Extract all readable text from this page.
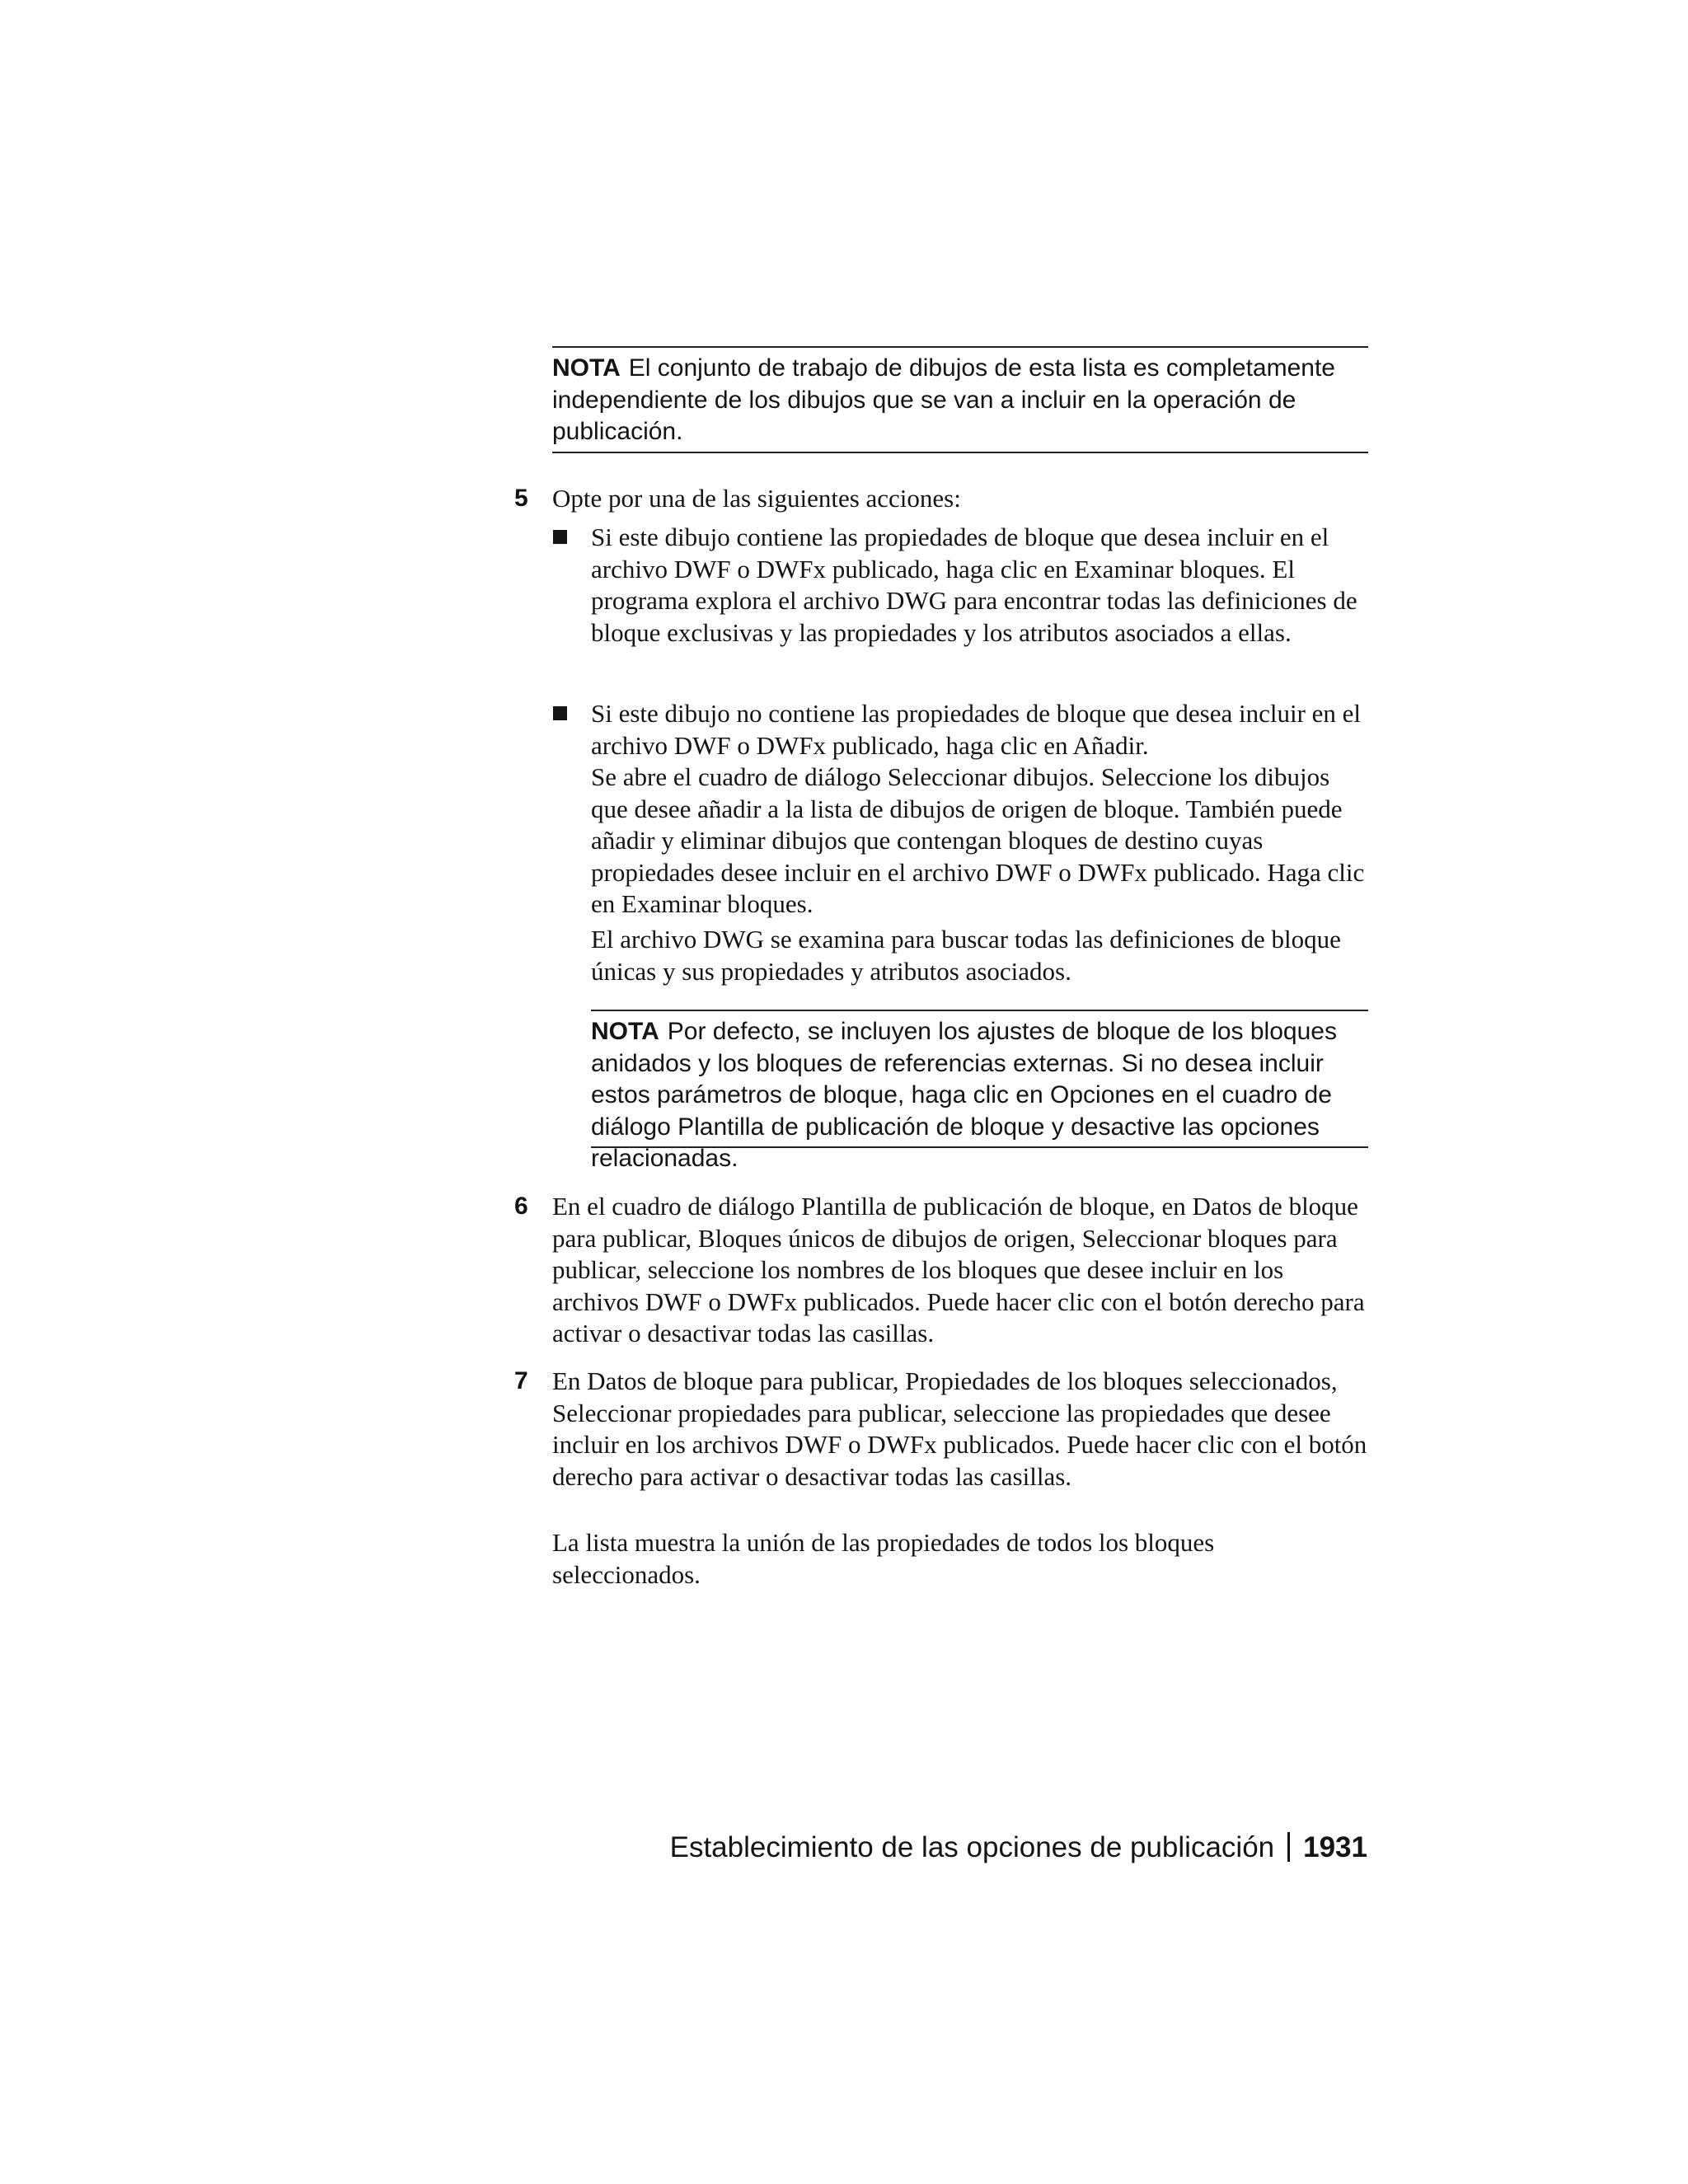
NOTA El conjunto de trabajo de dibujos de esta lista es completamente independiente de los dibujos que se van a incluir en la operación de publicación.
5 Opte por una de las siguientes acciones:

Si este dibujo contiene las propiedades de bloque que desea incluir en el archivo DWF o DWFx publicado, haga clic en Examinar bloques. El programa explora el archivo DWG para encontrar todas las definiciones de bloque exclusivas y las propiedades y los atributos asociados a ellas.

Si este dibujo no contiene las propiedades de bloque que desea incluir en el archivo DWF o DWFx publicado, haga clic en Añadir.
Se abre el cuadro de diálogo Seleccionar dibujos. Seleccione los dibujos que desee añadir a la lista de dibujos de origen de bloque. También puede añadir y eliminar dibujos que contengan bloques de destino cuyas propiedades desee incluir en el archivo DWF o DWFx publicado. Haga clic en Examinar bloques.

El archivo DWG se examina para buscar todas las definiciones de bloque únicas y sus propiedades y atributos asociados.

NOTA Por defecto, se incluyen los ajustes de bloque de los bloques anidados y los bloques de referencias externas. Si no desea incluir estos parámetros de bloque, haga clic en Opciones en el cuadro de diálogo Plantilla de publicación de bloque y desactive las opciones relacionadas.
6 En el cuadro de diálogo Plantilla de publicación de bloque, en Datos de bloque para publicar, Bloques únicos de dibujos de origen, Seleccionar bloques para publicar, seleccione los nombres de los bloques que desee incluir en los archivos DWF o DWFx publicados. Puede hacer clic con el botón derecho para activar o desactivar todas las casillas.

7 En Datos de bloque para publicar, Propiedades de los bloques seleccionados, Seleccionar propiedades para publicar, seleccione las propiedades que desee incluir en los archivos DWF o DWFx publicados. Puede hacer clic con el botón derecho para activar o desactivar todas las casillas.

La lista muestra la unión de las propiedades de todos los bloques seleccionados.

Establecimiento de las opciones de publicación 1931
